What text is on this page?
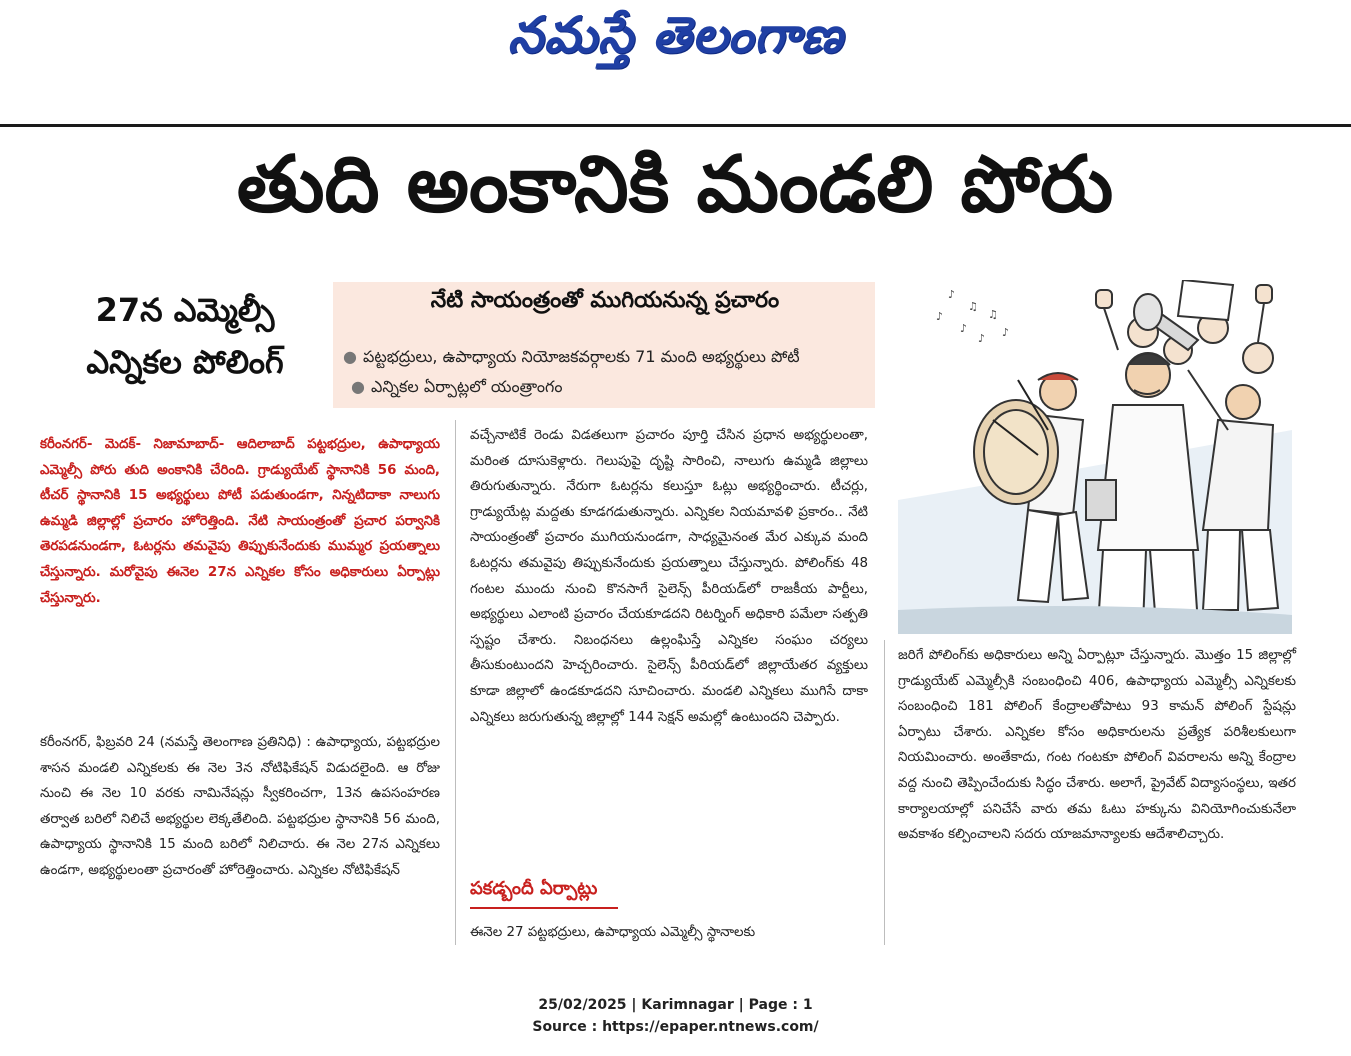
నమస్తే తెలంగాణ
తుది అంకానికి మండలి పోరు
27న ఎమ్మెల్సీ
ఎన్నికల పోలింగ్
నేటి సాయంత్రంతో ముగియనున్న ప్రచారం
● పట్టభద్రులు, ఉపాధ్యాయ నియోజకవర్గాలకు 71 మంది అభ్యర్థులు పోటీ ● ఎన్నికల ఏర్పాట్లలో యంత్రాంగం
♪
♫
♪
♪
♫
♪ ♪
కరీంనగర్- మెదక్- నిజామాబాద్- ఆదిలాబాద్ పట్టభద్రుల, ఉపాధ్యాయ ఎమ్మెల్సీ పోరు తుది అంకానికి చేరింది. గ్రాడ్యుయేట్ స్థానానికి 56 మంది, టీచర్ స్థానానికి 15 అభ్యర్థులు పోటీ పడుతుండగా, నిన్నటిదాకా నాలుగు ఉమ్మడి జిల్లాల్లో ప్రచారం హోరెత్తింది. నేటి సాయంత్రంతో ప్రచార పర్వానికి తెరపడనుండగా, ఓటర్లను తమవైపు తిప్పుకునేందుకు ముమ్మర ప్రయత్నాలు చేస్తున్నారు. మరోవైపు ఈనెల 27న ఎన్నికల కోసం అధికారులు ఏర్పాట్లు చేస్తున్నారు.
కరీంనగర్, ఫిబ్రవరి 24 (నమస్తే తెలంగాణ ప్రతినిధి) : ఉపాధ్యాయ, పట్టభద్రుల శాసన మండలి ఎన్నికలకు ఈ నెల 3న నోటిఫికేషన్ విడుదలైంది. ఆ రోజు నుంచి ఈ నెల 10 వరకు నామినేషన్లు స్వీకరించగా, 13న ఉపసంహరణ తర్వాత బరిలో నిలిచే అభ్యర్థుల లెక్కతేలింది. పట్టభద్రుల స్థానానికి 56 మంది, ఉపాధ్యాయ స్థానానికి 15 మంది బరిలో నిలిచారు. ఈ నెల 27న ఎన్నికలు ఉండగా, అభ్యర్థులంతా ప్రచారంతో హోరెత్తించారు. ఎన్నికల నోటిఫికేషన్
వచ్చేనాటికే రెండు విడతలుగా ప్రచారం పూర్తి చేసిన ప్రధాన అభ్యర్థులంతా, మరింత దూసుకెళ్లారు. గెలుపుపై దృష్టి సారించి, నాలుగు ఉమ్మడి జిల్లాలు తిరుగుతున్నారు. నేరుగా ఓటర్లను కలుస్తూ ఓట్లు అభ్యర్థించారు. టీచర్లు, గ్రాడ్యుయేట్ల మద్దతు కూడగడుతున్నారు. ఎన్నికల నియమావళి ప్రకారం.. నేటి సాయంత్రంతో ప్రచారం ముగియనుండగా, సాధ్యమైనంత మేర ఎక్కువ మంది ఓటర్లను తమవైపు తిప్పుకునేందుకు ప్రయత్నాలు చేస్తున్నారు. పోలింగ్‌కు 48 గంటల ముందు నుంచి కొనసాగే సైలెన్స్ పీరియడ్‌లో రాజకీయ పార్టీలు, అభ్యర్థులు ఎలాంటి ప్రచారం చేయకూడదని రిటర్నింగ్ అధికారి పమేలా సత్పతి స్పష్టం చేశారు. నిబంధనలు ఉల్లంఘిస్తే ఎన్నికల సంఘం చర్యలు తీసుకుంటుందని హెచ్చరించారు. సైలెన్స్ పీరియడ్‌లో జిల్లాయేతర వ్యక్తులు కూడా జిల్లాలో ఉండకూడదని సూచించారు. మండలి ఎన్నికలు ముగిసే దాకా ఎన్నికలు జరుగుతున్న జిల్లాల్లో 144 సెక్షన్ అమల్లో ఉంటుందని చెప్పారు.
పకడ్బందీ ఏర్పాట్లు
ఈనెల 27 పట్టభద్రులు, ఉపాధ్యాయ ఎమ్మెల్సీ స్థానాలకు
జరిగే పోలింగ్‌కు అధికారులు అన్ని ఏర్పాట్లూ చేస్తున్నారు. మొత్తం 15 జిల్లాల్లో గ్రాడ్యుయేట్ ఎమ్మెల్సీకి సంబంధించి 406, ఉపాధ్యాయ ఎమ్మెల్సీ ఎన్నికలకు సంబంధించి 181 పోలింగ్ కేంద్రాలతోపాటు 93 కామన్ పోలింగ్ స్టేషన్లు ఏర్పాటు చేశారు. ఎన్నికల కోసం అధికారులను ప్రత్యేక పరిశీలకులుగా నియమించారు. అంతేకాదు, గంట గంటకూ పోలింగ్ వివరాలను అన్ని కేంద్రాల వద్ద నుంచి తెప్పించేందుకు సిద్ధం చేశారు. అలాగే, ప్రైవేట్ విద్యాసంస్థలు, ఇతర కార్యాలయాల్లో పనిచేసే వారు తమ ఓటు హక్కును వినియోగించుకునేలా అవకాశం కల్పించాలని సదరు యాజమాన్యాలకు ఆదేశాలిచ్చారు.
25/02/2025 | Karimnagar | Page : 1
Source : https://epaper.ntnews.com/
